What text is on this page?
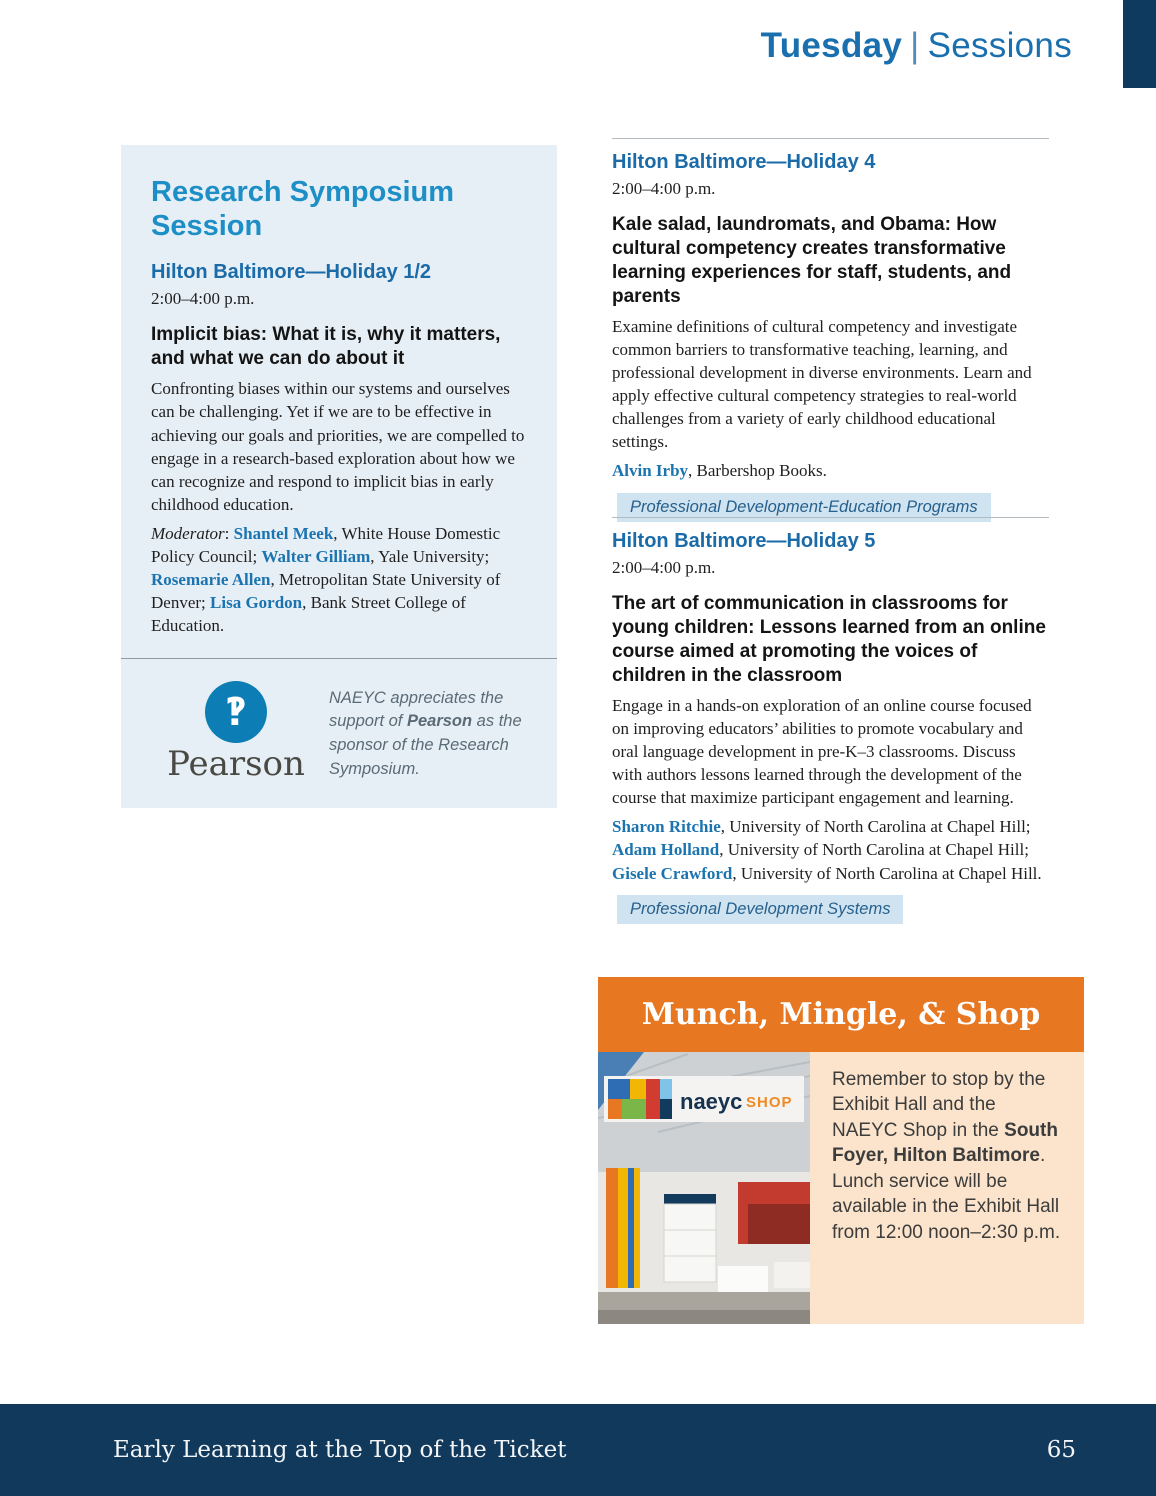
Tuesday | Sessions
Research Symposium Session
Hilton Baltimore—Holiday 1/2
2:00–4:00 p.m.
Implicit bias: What it is, why it matters, and what we can do about it
Confronting biases within our systems and ourselves can be challenging. Yet if we are to be effective in achieving our goals and priorities, we are compelled to engage in a research-based exploration about how we can recognize and respond to implicit bias in early childhood education.
Moderator: Shantel Meek, White House Domestic Policy Council; Walter Gilliam, Yale University; Rosemarie Allen, Metropolitan State University of Denver; Lisa Gordon, Bank Street College of Education.
‽
Pearson
NAEYC appreciates the support of Pearson as the sponsor of the Research Symposium.
Hilton Baltimore—Holiday 4
2:00–4:00 p.m.
Kale salad, laundromats, and Obama: How cultural competency creates transformative learning experiences for staff, students, and parents
Examine definitions of cultural competency and investigate common barriers to transformative teaching, learning, and professional development in diverse environments. Learn and apply effective cultural competency strategies to real-world challenges from a variety of early childhood educational settings.
Alvin Irby, Barbershop Books.
Professional Development-Education Programs
Hilton Baltimore—Holiday 5
2:00–4:00 p.m.
The art of communication in classrooms for young children: Lessons learned from an online course aimed at promoting the voices of children in the classroom
Engage in a hands-on exploration of an online course focused on improving educators’ abilities to promote vocabulary and oral language development in pre-K–3 classrooms. Discuss with authors lessons learned through the development of the course that maximize participant engagement and learning.
Sharon Ritchie, University of North Carolina at Chapel Hill; Adam Holland, University of North Carolina at Chapel Hill; Gisele Crawford, University of North Carolina at Chapel Hill.
Professional Development Systems
Munch, Mingle, & Shop
naeyc SHOP
Remember to stop by the Exhibit Hall and the NAEYC Shop in the South Foyer, Hilton Baltimore. Lunch service will be available in the Exhibit Hall from 12:00 noon–2:30 p.m.
Early Learning at the Top of the Ticket	65
